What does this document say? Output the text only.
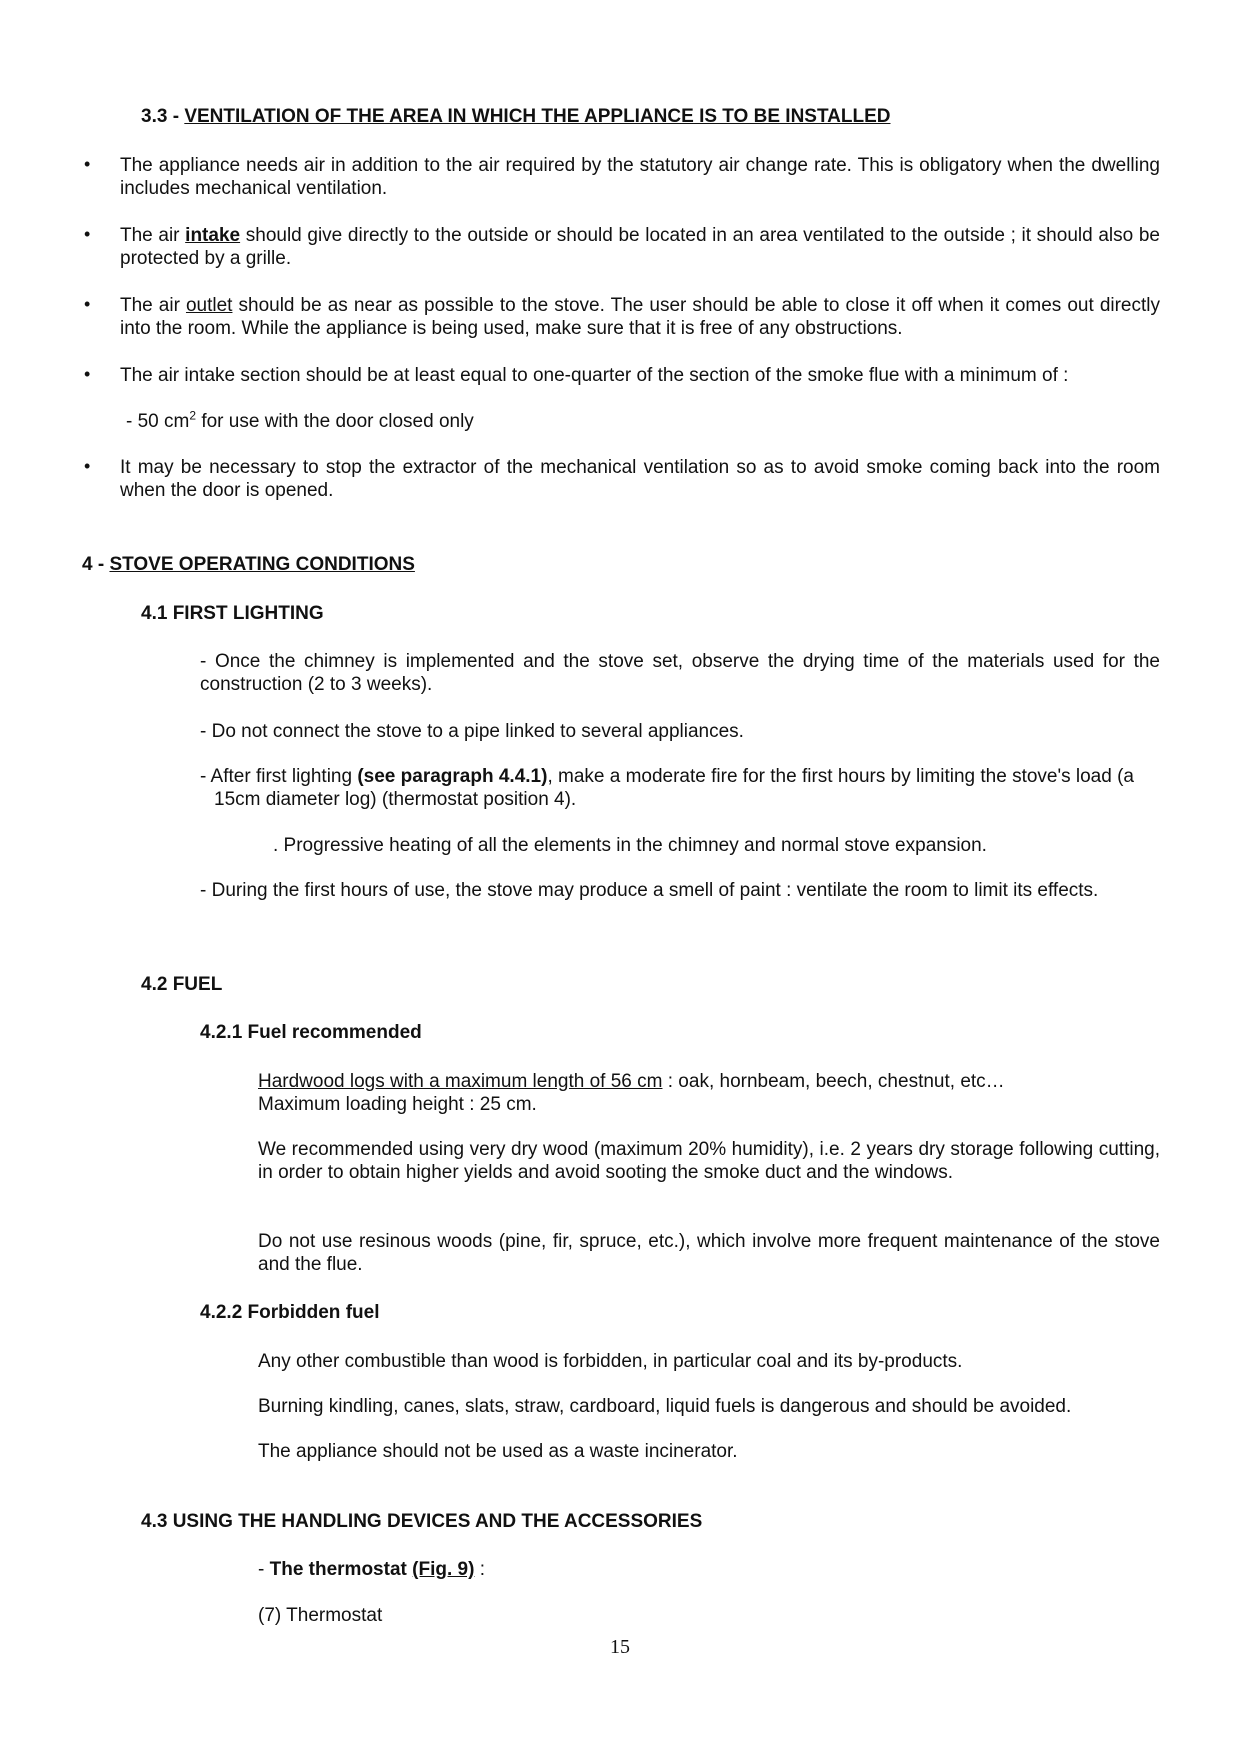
3.3 - VENTILATION OF THE AREA IN WHICH THE APPLIANCE IS TO BE INSTALLED
• The appliance needs air in addition to the air required by the statutory air change rate. This is obligatory when the dwelling includes mechanical ventilation.
• The air intake should give directly to the outside or should be located in an area ventilated to the outside ; it should also be protected by a grille.
• The air outlet should be as near as possible to the stove. The user should be able to close it off when it comes out directly into the room. While the appliance is being used, make sure that it is free of any obstructions.
• The air intake section should be at least equal to one-quarter of the section of the smoke flue with a minimum of :
- 50 $cm^2$ for use with the door closed only
• It may be necessary to stop the extractor of the mechanical ventilation so as to avoid smoke coming back into the room when the door is opened.
4 - STOVE OPERATING CONDITIONS
4.1 FIRST LIGHTING
- Once the chimney is implemented and the stove set, observe the drying time of the materials used for the construction (2 to 3 weeks).
- Do not connect the stove to a pipe linked to several appliances.
- After first lighting (see paragraph 4.4.1), make a moderate fire for the first hours by limiting the stove's load (a 15cm diameter log) (thermostat position 4).
. Progressive heating of all the elements in the chimney and normal stove expansion.
- During the first hours of use, the stove may produce a smell of paint : ventilate the room to limit its effects.
4.2 FUEL
4.2.1 Fuel recommended
Hardwood logs with a maximum length of 56 cm : oak, hornbeam, beech, chestnut, etc…
Maximum loading height : 25 cm.
We recommended using very dry wood (maximum 20% humidity), i.e. 2 years dry storage following cutting, in order to obtain higher yields and avoid sooting the smoke duct and the windows.
Do not use resinous woods (pine, fir, spruce, etc.), which involve more frequent maintenance of the stove and the flue.
4.2.2 Forbidden fuel
Any other combustible than wood is forbidden, in particular coal and its by-products.
Burning kindling, canes, slats, straw, cardboard, liquid fuels is dangerous and should be avoided.
The appliance should not be used as a waste incinerator.
4.3 USING THE HANDLING DEVICES AND THE ACCESSORIES
- The thermostat (Fig. 9) :
(7) Thermostat
15
